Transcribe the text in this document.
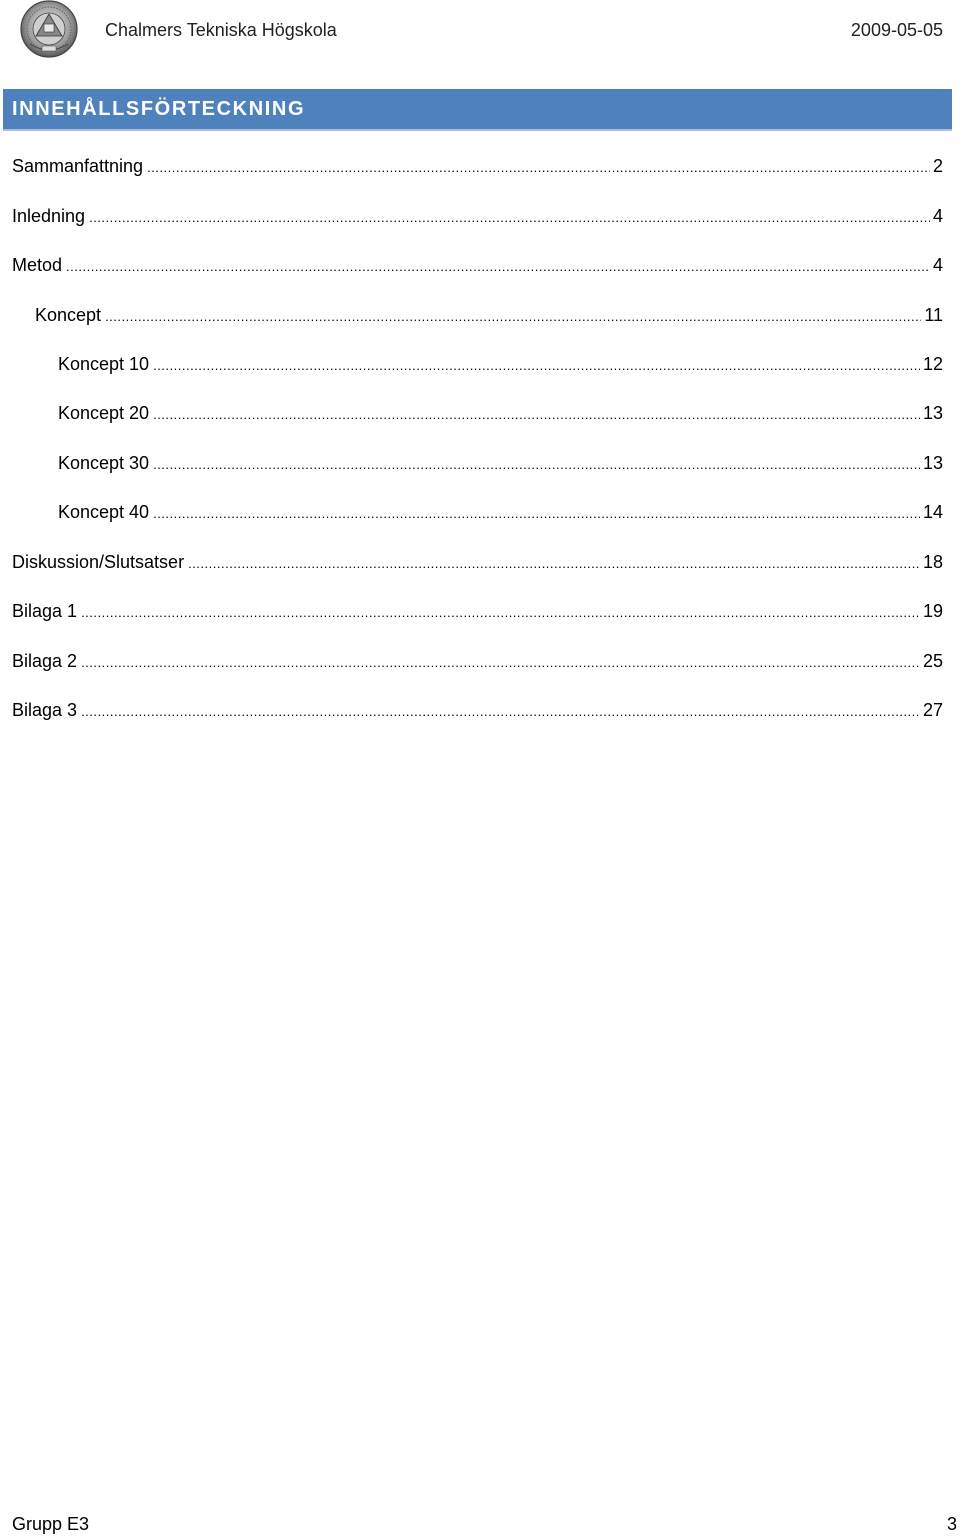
Chalmers Tekniska Högskola	2009-05-05
INNEHÅLLSFÖRTECKNING
Sammanfattning .....	2
Inledning .....	4
Metod .....	4
Koncept .....	11
Koncept 10 .....	12
Koncept 20 .....	13
Koncept 30 .....	13
Koncept 40 .....	14
Diskussion/Slutsatser .....	18
Bilaga 1 .....	19
Bilaga 2 .....	25
Bilaga 3 .....	27
Grupp E3	3
